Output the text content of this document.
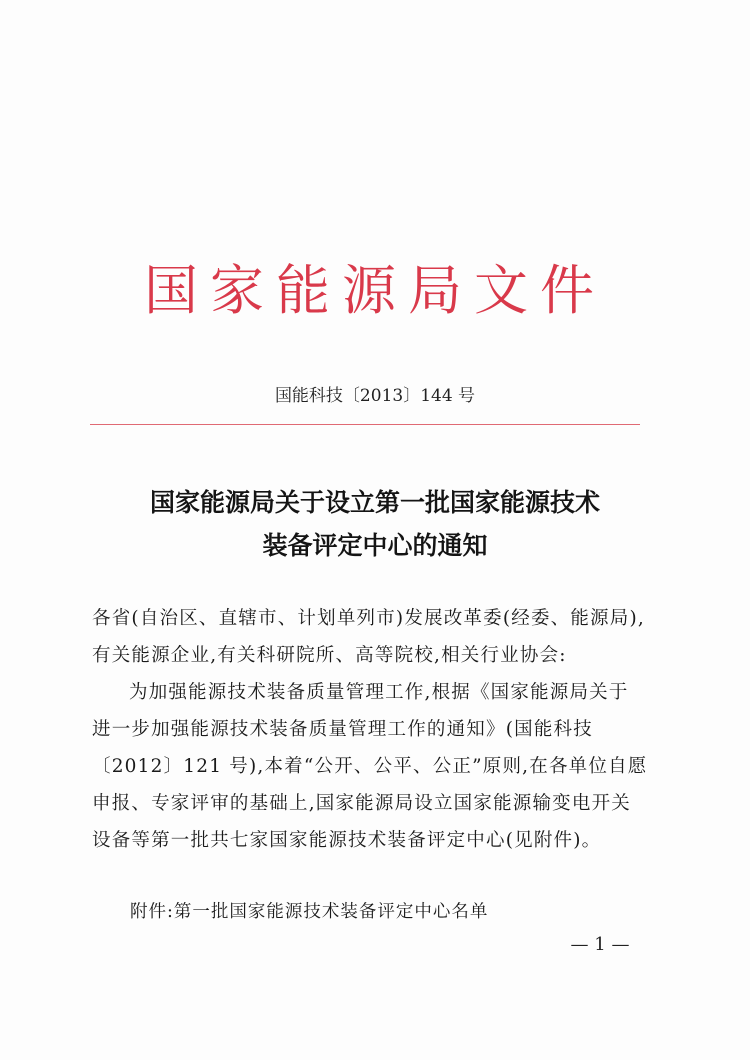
国家能源局文件
国能科技〔2013〕144 号
国家能源局关于设立第一批国家能源技术
装备评定中心的通知

各省(自治区、直辖市、计划单列市)发展改革委(经委、能源局),有关能源企业,有关科研院所、高等院校,相关行业协会:

为加强能源技术装备质量管理工作,根据《国家能源局关于进一步加强能源技术装备质量管理工作的通知》(国能科技〔2012〕121 号),本着“公开、公平、公正”原则,在各单位自愿申报、专家评审的基础上,国家能源局设立国家能源输变电开关设备等第一批共七家国家能源技术装备评定中心(见附件)。

附件:第一批国家能源技术装备评定中心名单
— 1 —
